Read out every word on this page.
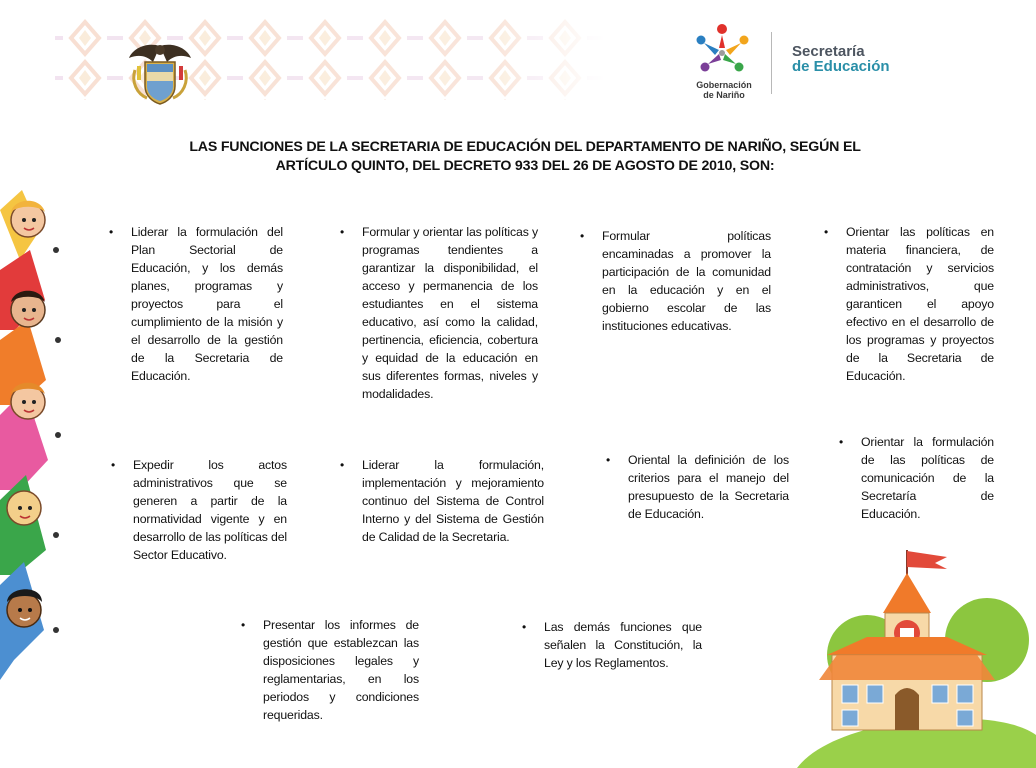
Gobernación
de Nariño
Secretaría
de Educación
LAS FUNCIONES DE LA SECRETARIA DE EDUCACIÓN DEL DEPARTAMENTO DE NARIÑO, SEGÚN EL
ARTÍCULO QUINTO, DEL DECRETO 933 DEL 26 DE AGOSTO DE 2010, SON:
• Liderar la formulación del Plan Sectorial de Educación, y los demás planes, programas y proyectos para el cumplimiento de la misión y el desarrollo de la gestión de la Secretaria de Educación.
• Formular y orientar las políticas y programas tendientes a garantizar la disponibilidad, el acceso y permanencia de los estudiantes en el sistema educativo, así como la calidad, pertinencia, eficiencia, cobertura y equidad de la educación en sus diferentes formas, niveles y modalidades.
• Formular políticas encaminadas a promover la participación de la comunidad en la educación y en el gobierno escolar de las instituciones educativas.
• Orientar las políticas en materia financiera, de contratación y servicios administrativos, que garanticen el apoyo efectivo en el desarrollo de los programas y proyectos de la Secretaria de Educación.
• Expedir los actos administrativos que se generen a partir de la normatividad vigente y en desarrollo de las políticas del Sector Educativo.
• Liderar la formulación, implementación y mejoramiento continuo del Sistema de Control Interno y del Sistema de Gestión de Calidad de la Secretaria.
• Oriental la definición de los criterios para el manejo del presupuesto de la Secretaria de Educación.
• Orientar la formulación de las políticas de comunicación de la Secretaría de Educación.
• Presentar los informes de gestión que establezcan las disposiciones legales y reglamentarias, en los periodos y condiciones requeridas.
• Las demás funciones que señalen la Constitución, la Ley y los Reglamentos.
